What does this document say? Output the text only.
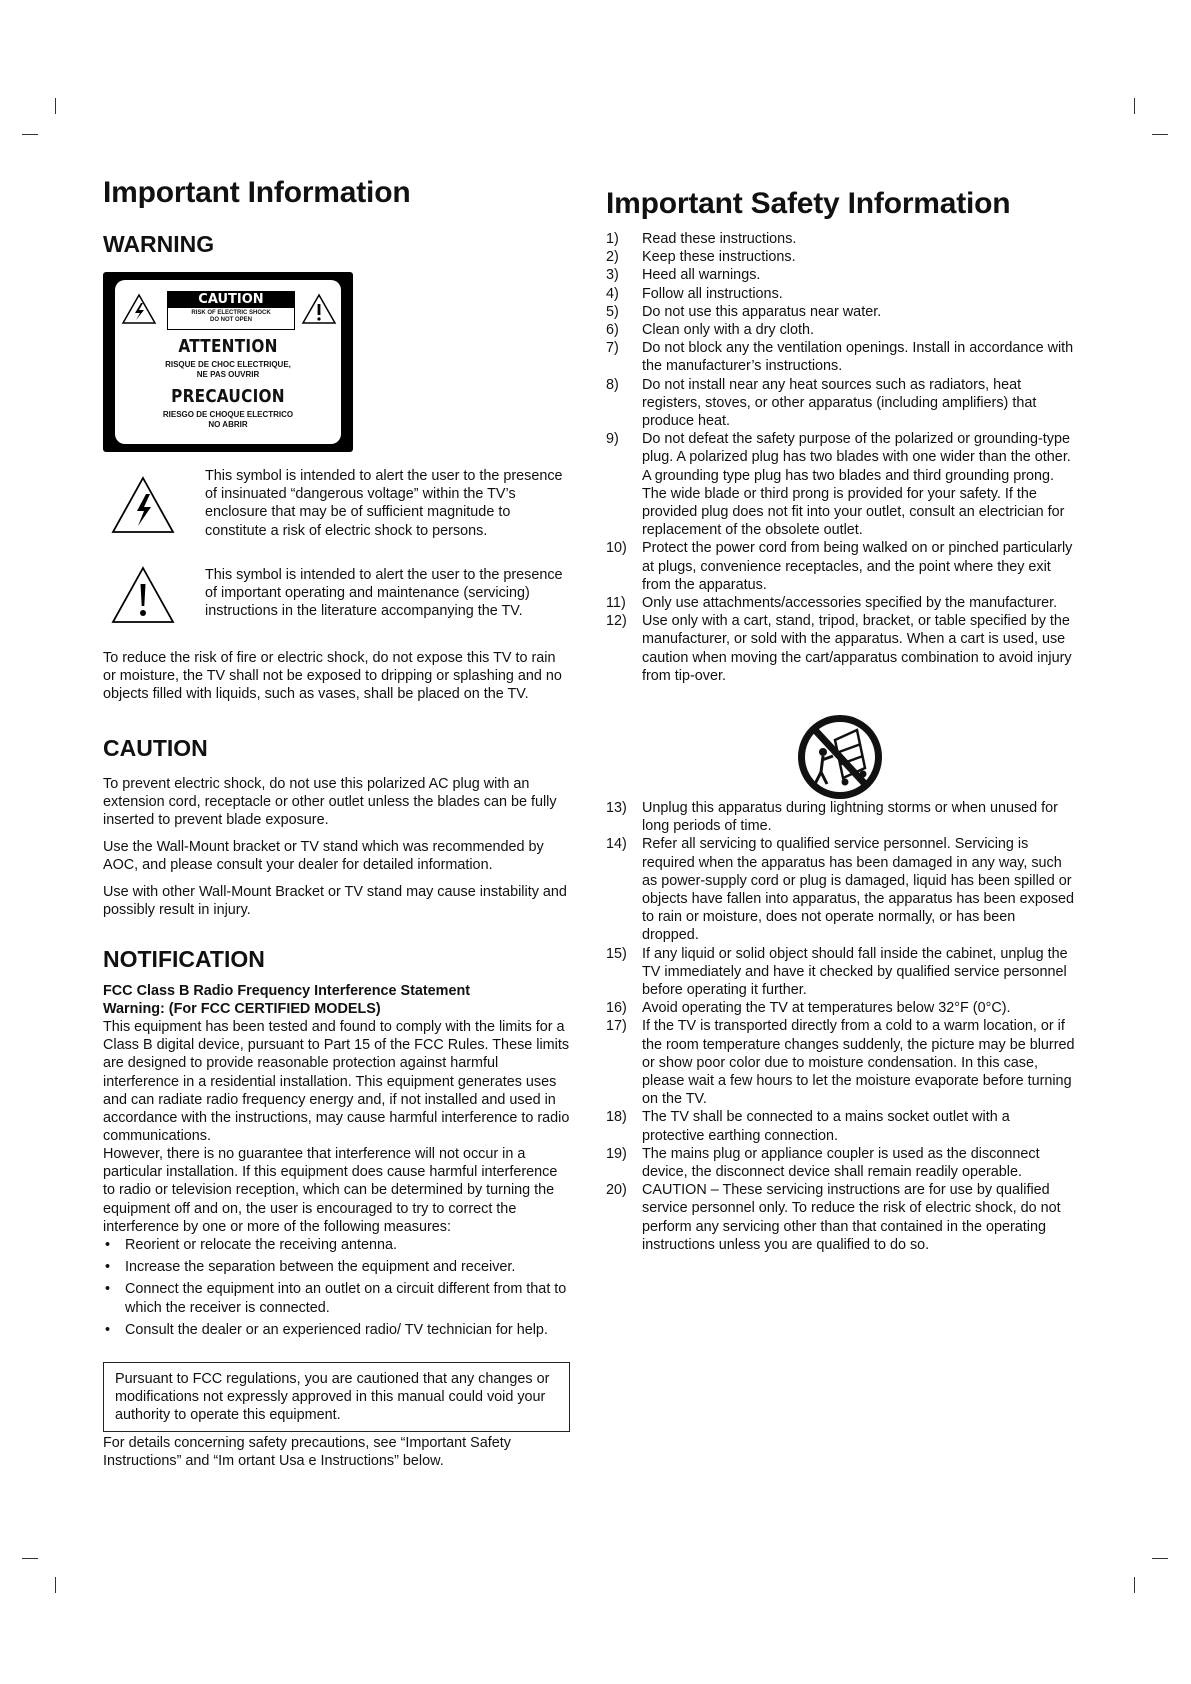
Important Information
WARNING
CAUTION
RISK OF ELECTRIC SHOCK
DO NOT OPEN
ATTENTION
RISQUE DE CHOC ELECTRIQUE,
NE PAS OUVRIR
PRECAUCION
RIESGO DE CHOQUE ELECTRICO
NO ABRIR

This symbol is intended to alert the user to the presence of insinuated “dangerous voltage” within the TV’s enclosure that may be of sufficient magnitude to constitute a risk of electric shock to persons.

This symbol is intended to alert the user to the presence of important operating and maintenance (servicing) instructions in the literature accompanying the TV.

To reduce the risk of fire or electric shock, do not expose this TV to rain or moisture, the TV shall not be exposed to dripping or splashing and no objects filled with liquids, such as vases, shall be placed on the TV.

CAUTION

To prevent electric shock, do not use this polarized AC plug with an extension cord, receptacle or other outlet unless the blades can be fully inserted to prevent blade exposure.

Use the Wall-Mount bracket or TV stand which was recommended by AOC, and please consult your dealer for detailed information.

Use with other Wall-Mount Bracket or TV stand may cause instability and possibly result in injury.

NOTIFICATION

FCC Class B Radio Frequency Interference Statement

Warning: (For FCC CERTIFIED MODELS)

This equipment has been tested and found to comply with the limits for a Class B digital device, pursuant to Part 15 of the FCC Rules. These limits are designed to provide reasonable protection against harmful interference in a residential installation. This equipment generates uses and can radiate radio frequency energy and, if not installed and used in accordance with the instructions, may cause harmful interference to radio communications.

However, there is no guarantee that interference will not occur in a particular installation. If this equipment does cause harmful interference to radio or television reception, which can be determined by turning the equipment off and on, the user is encouraged to try to correct the interference by one or more of the following measures:

• Reorient or relocate the receiving antenna.
• Increase the separation between the equipment and receiver.
• Connect the equipment into an outlet on a circuit different from that to which the receiver is connected.
• Consult the dealer or an experienced radio/ TV technician for help.

Pursuant to FCC regulations, you are cautioned that any changes or modifications not expressly approved in this manual could void your authority to operate this equipment.

For details concerning safety precautions, see “Important Safety Instructions” and “Im ortant Usa e Instructions” below.

Important Safety Information
1) Read these instructions.
2) Keep these instructions.
3) Heed all warnings.
4) Follow all instructions.
5) Do not use this apparatus near water.
6) Clean only with a dry cloth.
7) Do not block any the ventilation openings. Install in accordance with the manufacturer’s instructions.
8) Do not install near any heat sources such as radiators, heat registers, stoves, or other apparatus (including amplifiers) that produce heat.
9) Do not defeat the safety purpose of the polarized or grounding-type plug. A polarized plug has two blades with one wider than the other. A grounding type plug has two blades and third grounding prong. The wide blade or third prong is provided for your safety. If the provided plug does not fit into your outlet, consult an electrician for replacement of the obsolete outlet.
10) Protect the power cord from being walked on or pinched particularly at plugs, convenience receptacles, and the point where they exit from the apparatus.
11) Only use attachments/accessories specified by the manufacturer.
12) Use only with a cart, stand, tripod, bracket, or table specified by the manufacturer, or sold with the apparatus. When a cart is used, use caution when moving the cart/apparatus combination to avoid injury from tip-over.
13) Unplug this apparatus during lightning storms or when unused for long periods of time.
14) Refer all servicing to qualified service personnel. Servicing is required when the apparatus has been damaged in any way, such as power-supply cord or plug is damaged, liquid has been spilled or objects have fallen into apparatus, the apparatus has been exposed to rain or moisture, does not operate normally, or has been dropped.
15) If any liquid or solid object should fall inside the cabinet, unplug the TV immediately and have it checked by qualified service personnel before operating it further.
16) Avoid operating the TV at temperatures below 32°F (0°C).
17) If the TV is transported directly from a cold to a warm location, or if the room temperature changes suddenly, the picture may be blurred or show poor color due to moisture condensation. In this case, please wait a few hours to let the moisture evaporate before turning on the TV.
18) The TV shall be connected to a mains socket outlet with a protective earthing connection.
19) The mains plug or appliance coupler is used as the disconnect device, the disconnect device shall remain readily operable.
20) CAUTION – These servicing instructions are for use by qualified service personnel only. To reduce the risk of electric shock, do not perform any servicing other than that contained in the operating instructions unless you are qualified to do so.
